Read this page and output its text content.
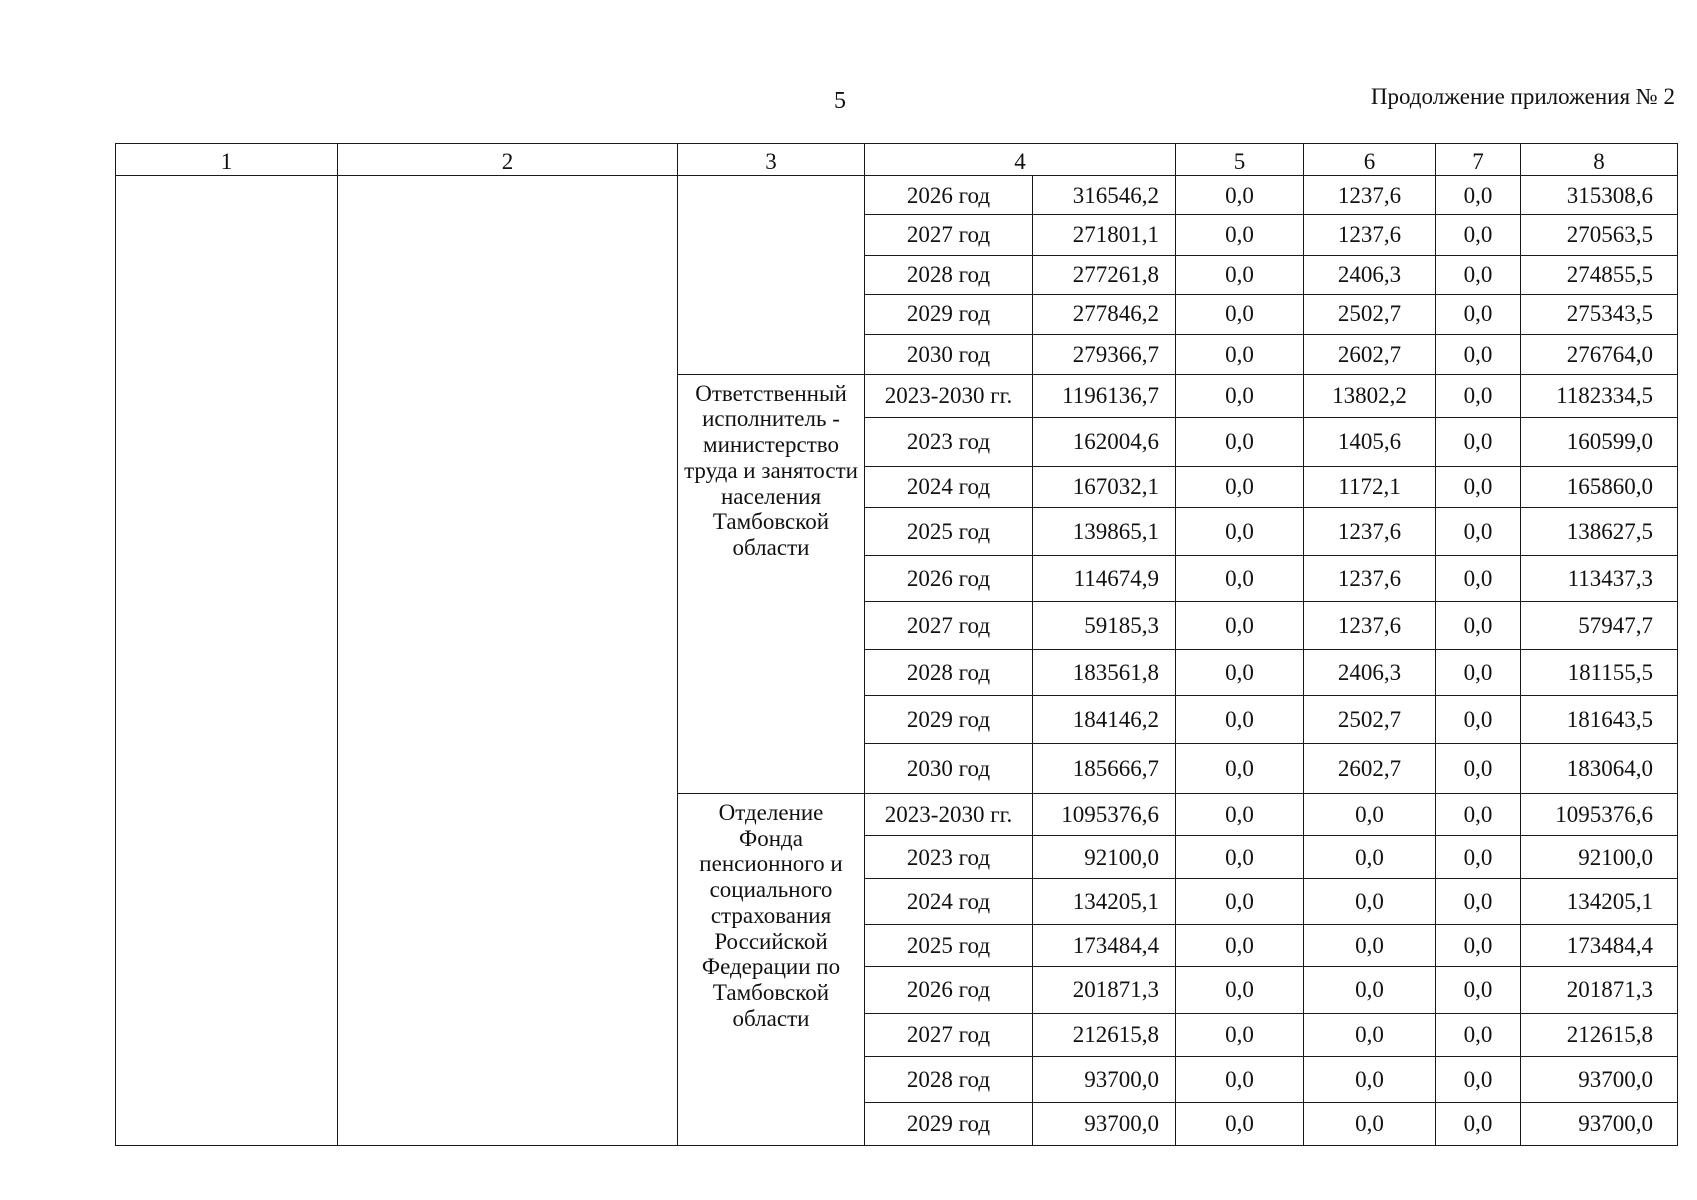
5	Продолжение приложения № 2
1	2	3	4		5	6	7	8
			2026 год	316546,2	0,0	1237,6	0,0	315308,6
			2027 год	271801,1	0,0	1237,6	0,0	270563,5
			2028 год	277261,8	0,0	2406,3	0,0	274855,5
			2029 год	277846,2	0,0	2502,7	0,0	275343,5
			2030 год	279366,7	0,0	2602,7	0,0	276764,0
		Ответственный исполнитель - министерство труда и занятости населения Тамбовской области	2023-2030 гг.	1196136,7	0,0	13802,2	0,0	1182334,5
			2023 год	162004,6	0,0	1405,6	0,0	160599,0
			2024 год	167032,1	0,0	1172,1	0,0	165860,0
			2025 год	139865,1	0,0	1237,6	0,0	138627,5
			2026 год	114674,9	0,0	1237,6	0,0	113437,3
			2027 год	59185,3	0,0	1237,6	0,0	57947,7
			2028 год	183561,8	0,0	2406,3	0,0	181155,5
			2029 год	184146,2	0,0	2502,7	0,0	181643,5
			2030 год	185666,7	0,0	2602,7	0,0	183064,0
		Отделение Фонда пенсионного и социального страхования Российской Федерации по Тамбовской области	2023-2030 гг.	1095376,6	0,0	0,0	0,0	1095376,6
			2023 год	92100,0	0,0	0,0	0,0	92100,0
			2024 год	134205,1	0,0	0,0	0,0	134205,1
			2025 год	173484,4	0,0	0,0	0,0	173484,4
			2026 год	201871,3	0,0	0,0	0,0	201871,3
			2027 год	212615,8	0,0	0,0	0,0	212615,8
			2028 год	93700,0	0,0	0,0	0,0	93700,0
			2029 год	93700,0	0,0	0,0	0,0	93700,0
